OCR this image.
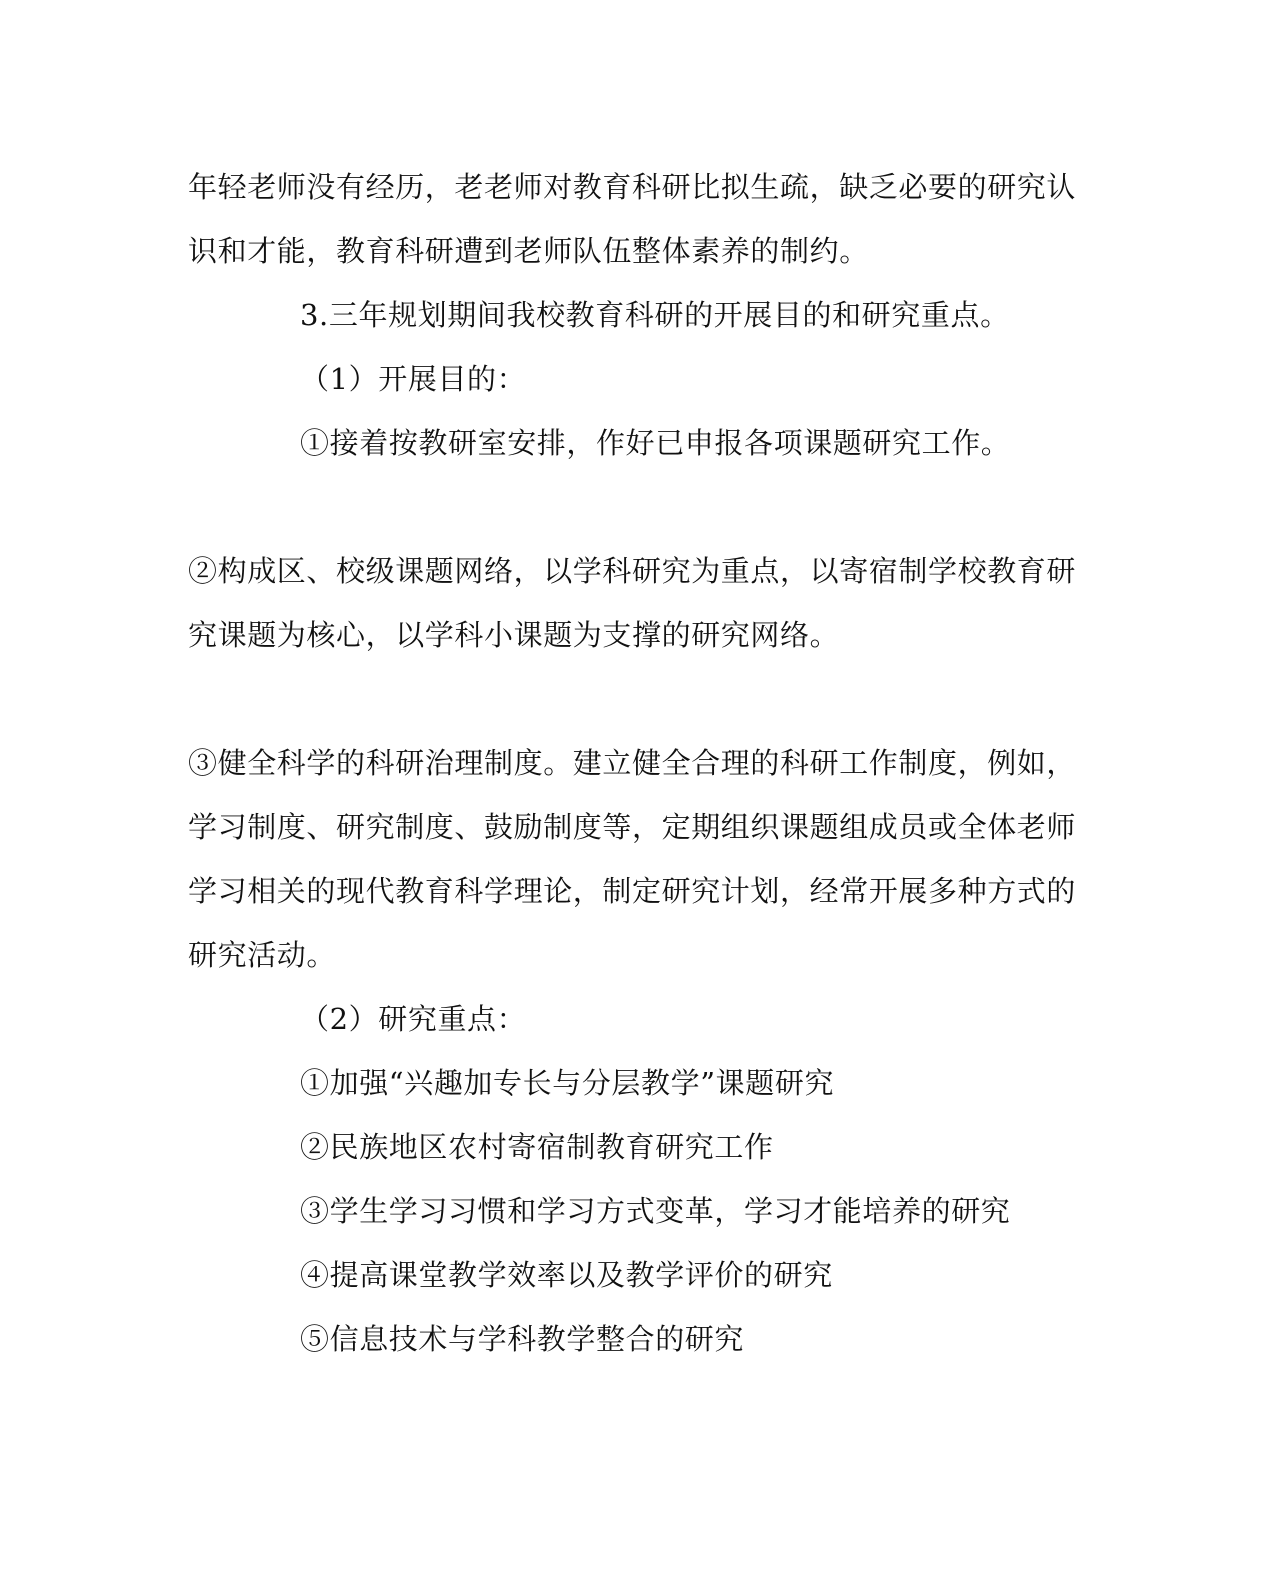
年轻老师没有经历，老老师对教育科研比拟生疏，缺乏必要的研究认
识和才能，教育科研遭到老师队伍整体素养的制约。
3.三年规划期间我校教育科研的开展目的和研究重点。
（1）开展目的：
①接着按教研室安排，作好已申报各项课题研究工作。
②构成区、校级课题网络，以学科研究为重点，以寄宿制学校教育研
究课题为核心，以学科小课题为支撑的研究网络。
③健全科学的科研治理制度。建立健全合理的科研工作制度，例如，
学习制度、研究制度、鼓励制度等，定期组织课题组成员或全体老师
学习相关的现代教育科学理论，制定研究计划，经常开展多种方式的
研究活动。
（2）研究重点：
①加强“兴趣加专长与分层教学”课题研究
②民族地区农村寄宿制教育研究工作
③学生学习习惯和学习方式变革，学习才能培养的研究
④提高课堂教学效率以及教学评价的研究
⑤信息技术与学科教学整合的研究
